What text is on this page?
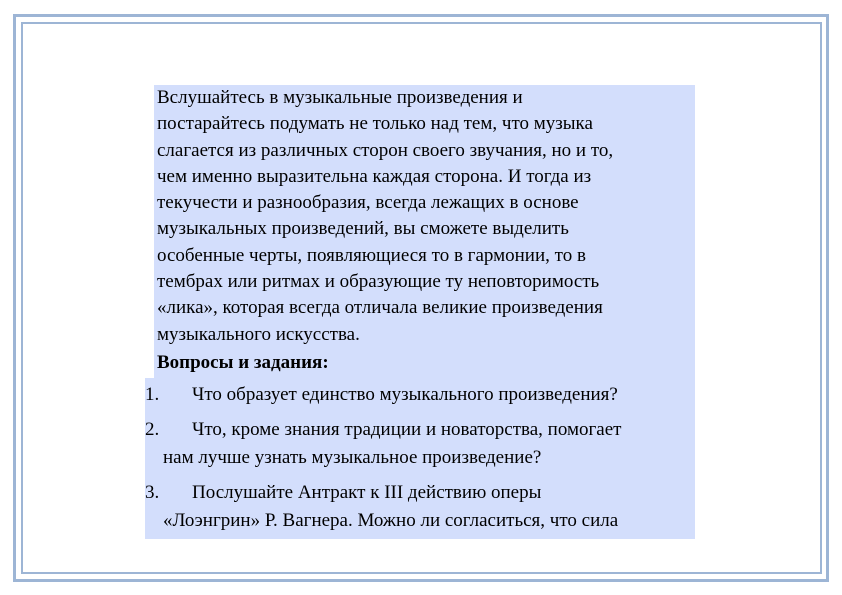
Вслушайтесь в музыкальные произведения и
постарайтесь подумать не только над тем, что музыка
слагается из различных сторон своего звучания, но и то,
чем именно выразительна каждая сторона. И тогда из
текучести и разнообразия, всегда лежащих в основе
музыкальных произведений, вы сможете выделить
особенные черты, появляющиеся то в гармонии, то в
тембрах или ритмах и образующие ту неповторимость
«лика», которая всегда отличала великие произведения
музыкального искусства.
Вопросы и задания:
1.	Что образует единство музыкального произведения?
2.	Что, кроме знания традиции и новаторства, помогает
нам лучше узнать музыкальное произведение?
3.	Послушайте Антракт к III действию оперы
«Лоэнгрин» Р. Вагнера. Можно ли согласиться, что сила
